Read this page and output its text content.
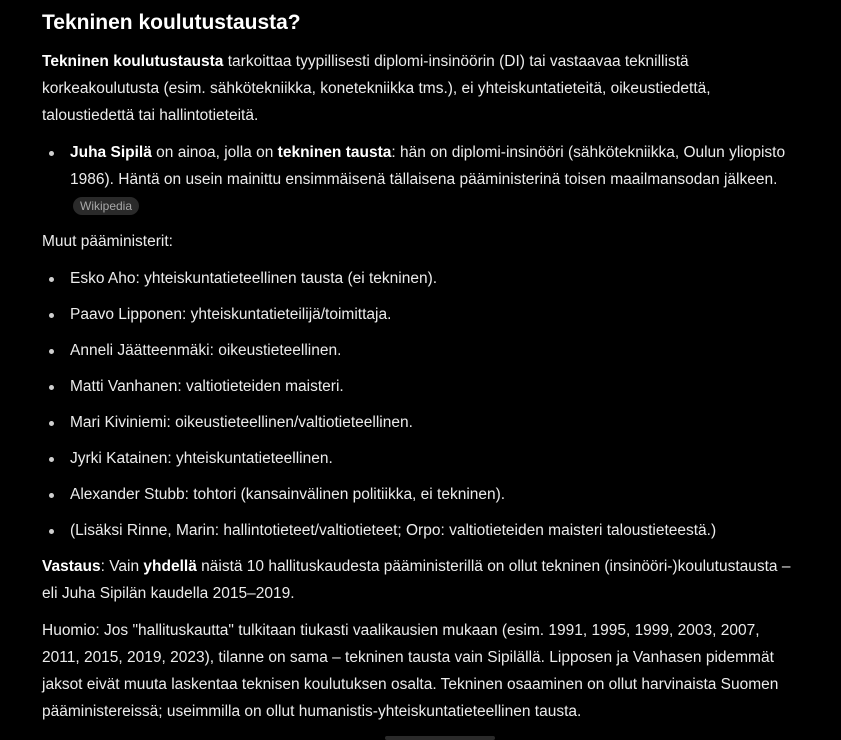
Tekninen koulutustausta?

Tekninen koulutustausta tarkoittaa tyypillisesti diplomi-insinöörin (DI) tai vastaavaa teknillistä korkeakoulutusta (esim. sähkötekniikka, konetekniikka tms.), ei yhteiskuntatieteitä, oikeustiedettä, taloustiedettä tai hallintotieteitä.

Juha Sipilä on ainoa, jolla on tekninen tausta: hän on diplomi-insinööri (sähkötekniikka, Oulun yliopisto 1986). Häntä on usein mainittu ensimmäisenä tällaisena pääministerinä toisen maailmansodan jälkeen. Wikipedia

Muut pääministerit:

Esko Aho: yhteiskuntatieteellinen tausta (ei tekninen).
Paavo Lipponen: yhteiskuntatieteilijä/toimittaja.
Anneli Jäätteenmäki: oikeustieteellinen.
Matti Vanhanen: valtiotieteiden maisteri.
Mari Kiviniemi: oikeustieteellinen/valtiotieteellinen.
Jyrki Katainen: yhteiskuntatieteellinen.
Alexander Stubb: tohtori (kansainvälinen politiikka, ei tekninen).
(Lisäksi Rinne, Marin: hallintotieteet/valtiotieteet; Orpo: valtiotieteiden maisteri taloustieteestä.)

Vastaus: Vain yhdellä näistä 10 hallituskaudesta pääministerillä on ollut tekninen (insinööri-)koulutustausta – eli Juha Sipilän kaudella 2015–2019.

Huomio: Jos "hallituskautta" tulkitaan tiukasti vaalikausien mukaan (esim. 1991, 1995, 1999, 2003, 2007, 2011, 2015, 2019, 2023), tilanne on sama – tekninen tausta vain Sipilällä. Lipposen ja Vanhasen pidemmät jaksot eivät muuta laskentaa teknisen koulutuksen osalta. Tekninen osaaminen on ollut harvinaista Suomen pääministereissä; useimmilla on ollut humanistis-yhteiskuntatieteellinen tausta.
